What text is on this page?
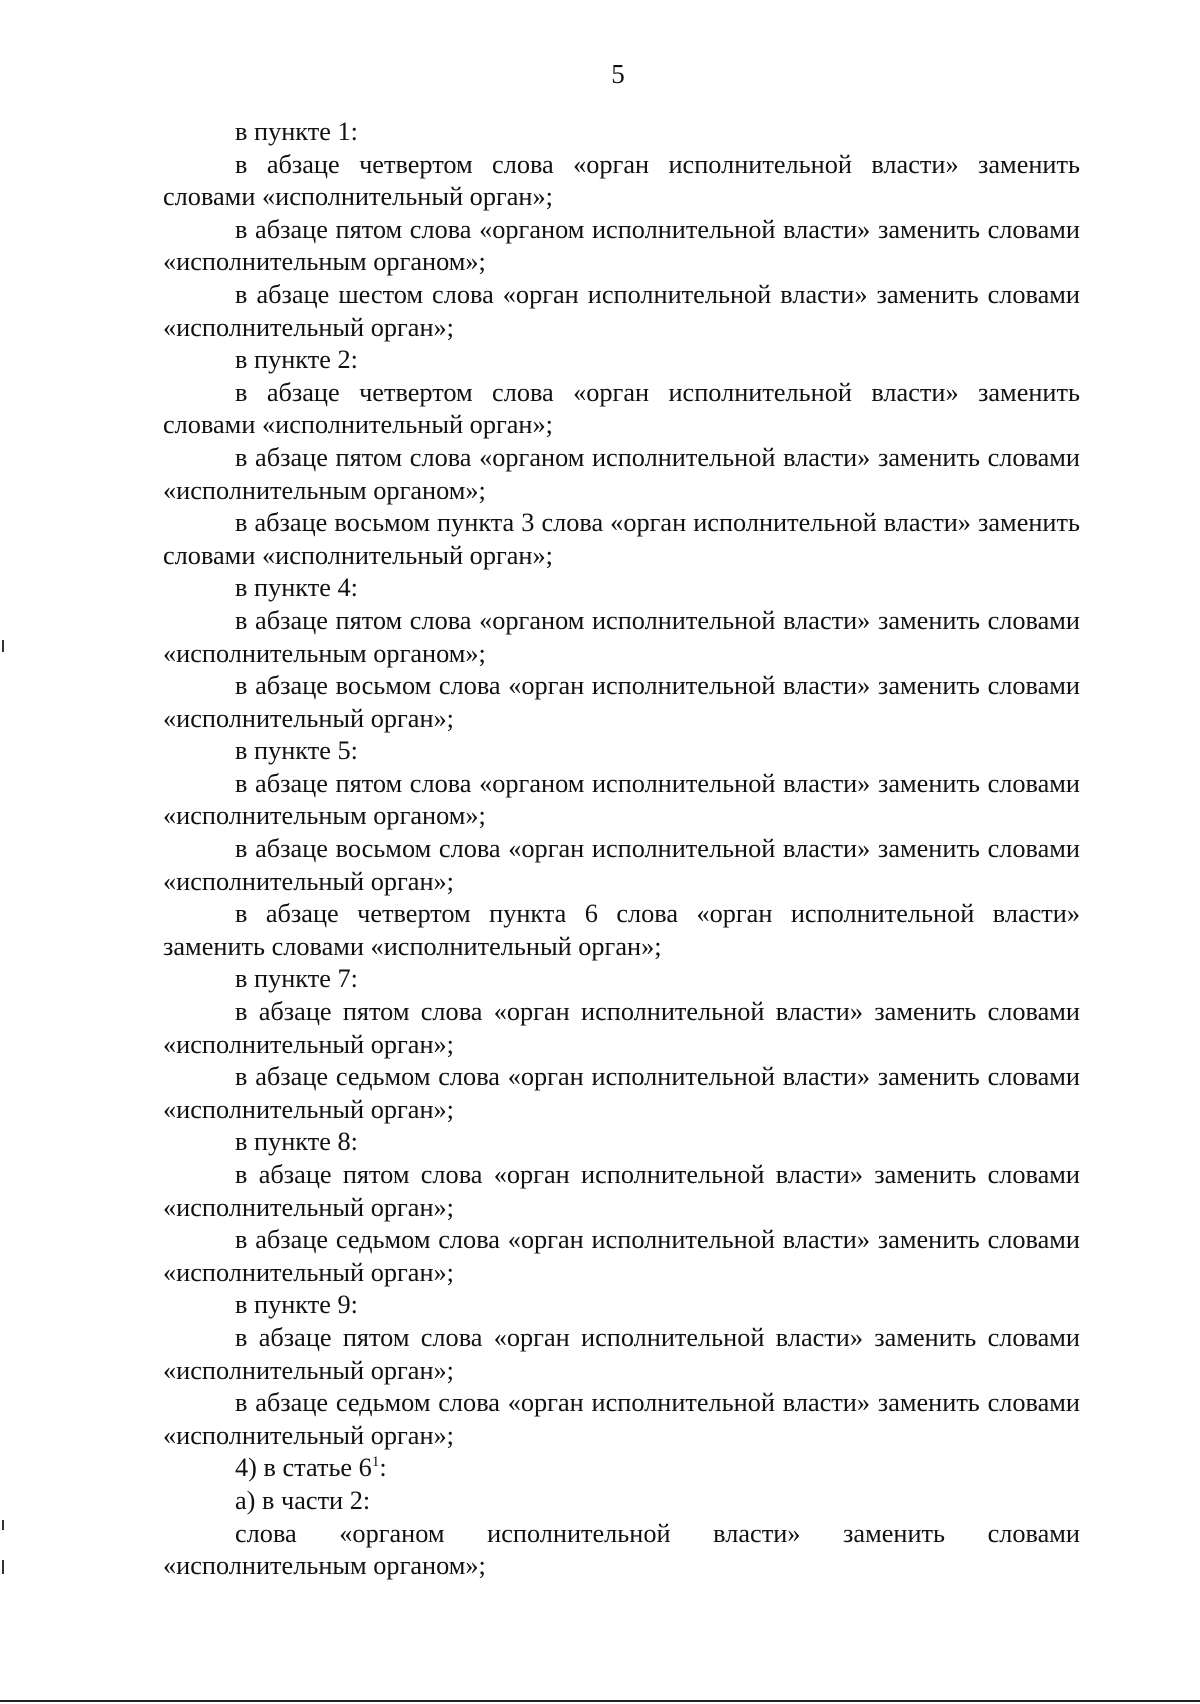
5

в пункте 1:

в абзаце четвертом слова «орган исполнительной власти» заменить словами «исполнительный орган»;

в абзаце пятом слова «органом исполнительной власти» заменить словами «исполнительным органом»;

в абзаце шестом слова «орган исполнительной власти» заменить словами «исполнительный орган»;

в пункте 2:

в абзаце четвертом слова «орган исполнительной власти» заменить словами «исполнительный орган»;

в абзаце пятом слова «органом исполнительной власти» заменить словами «исполнительным органом»;

в абзаце восьмом пункта 3 слова «орган исполнительной власти» заменить словами «исполнительный орган»;

в пункте 4:

в абзаце пятом слова «органом исполнительной власти» заменить словами «исполнительным органом»;

в абзаце восьмом слова «орган исполнительной власти» заменить словами «исполнительный орган»;

в пункте 5:

в абзаце пятом слова «органом исполнительной власти» заменить словами «исполнительным органом»;

в абзаце восьмом слова «орган исполнительной власти» заменить словами «исполнительный орган»;

в абзаце четвертом пункта 6 слова «орган исполнительной власти» заменить словами «исполнительный орган»;

в пункте 7:

в абзаце пятом слова «орган исполнительной власти» заменить словами «исполнительный орган»;

в абзаце седьмом слова «орган исполнительной власти» заменить словами «исполнительный орган»;

в пункте 8:

в абзаце пятом слова «орган исполнительной власти» заменить словами «исполнительный орган»;

в абзаце седьмом слова «орган исполнительной власти» заменить словами «исполнительный орган»;

в пункте 9:

в абзаце пятом слова «орган исполнительной власти» заменить словами «исполнительный орган»;

в абзаце седьмом слова «орган исполнительной власти» заменить словами «исполнительный орган»;

4) в статье $6^1$:

а) в части 2:

слова «органом исполнительной власти» заменить словами «исполнительным органом»;
